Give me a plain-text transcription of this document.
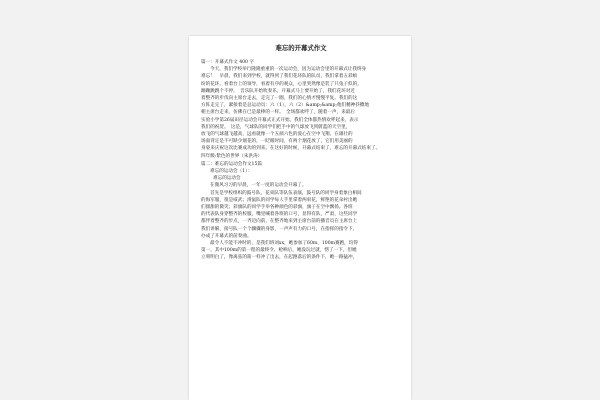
难忘的开幕式作文
篇一：开幕式作文 400 字
今天，我们学校举行隆隆重重的一次运动会，因为运动会里的开幕式让我终身
难忘！　早晨，我们来到学校，就得到了我们花环队的队员，我们拿着五彩缤
纷的花环，看着台上的领导，看着有序的观众，心里突然像是装了只兔子似的，
蹦蹦跳跳个不停。　音乐队开始吹奏乐，开幕式马上要开始了，我们花环对近
着整齐的步伐向主席台走去，走完了一圈，我们的心情才慢慢平复。我们的这
方阵走完了，紧接着是总运动员：六（1），六（2）&amp;&amp;他们精神抖擞地
朝主席台走来，仿佛在已是最棒的一样。　全场都欢呼了，随着一声，来最后
实验小学第26届田径运动会开幕式正式开始。我们全体都热情欢呼起来，表示
我们的祝贺。　这是，气球队的同学们把手中的气球放飞到蔚蓝的天空里，
放飞的气球越飞越高，远看就像一个五颜六色的爱心在空中飞翔。在雄壮的
场面背定是不可缺少烟花的，一眨眼时间，有两个烟花放了，它们用美丽的
身姿来庆祝这次比赛成功的到来。在这好的时候，开幕式结束了，难忘的开幕式结束了。
四年级:紫色的世界（朱洪涛）
篇二：难忘的运动会作文15篇
难忘的运动会（1）：
难忘的运动会
在微风习习的早晨，一年一度的运动会开幕了。
首先是学校组织的鼓号队，花束队等队伍表演，鼓号队的同学身着象白相间
的海军服，很是威武；滑鼠队的同学每人手里拿着两束花，鲜艳的花朵衬出她
们甜甜的微笑；彩旗队的同学手举各种颜色的彩旗，旗子在空中飘扬。各班
的代表队身穿整齐的校服，嘴里喊着各班的口号，显得有队，严肃，这些同学
都伴着整齐的步点，一齐迈向前，在整齐地来到主席台前的播音员在主席台上
我们讲解，接号队一个个骤骤的身影，一声声有力的口号，在指挥的指令下，
办成了开幕式的前奏曲。
最令人不能不冲时的，是我们班刘xx，她参加了60m、100m赛跑，均得
第一，其中100m的第一程的最终令、枪响后，她没玩过就，愣了一下，但她
立刻明白了，像离弦的箭一样冲了出去，在起跑落后的条件下，她一路猛冲，
